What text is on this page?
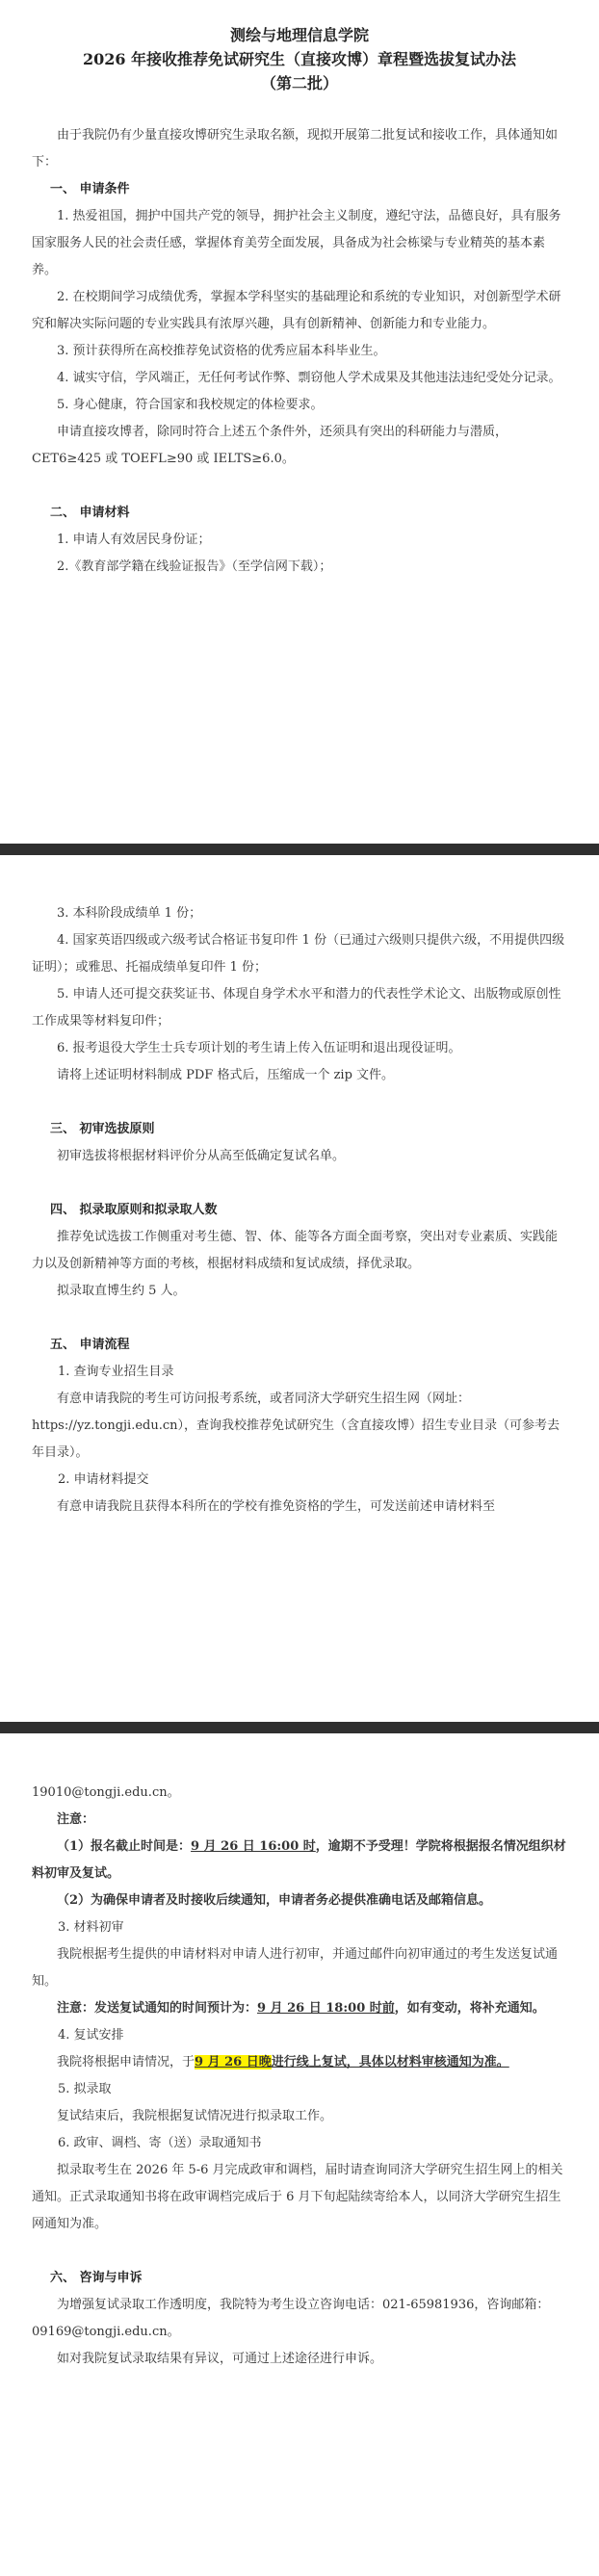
测绘与地理信息学院
2026 年接收推荐免试研究生（直接攻博）章程暨选拔复试办法
（第二批）

由于我院仍有少量直接攻博研究生录取名额，现拟开展第二批复试和接收工作，具体通知如下：

一、 申请条件

1. 热爱祖国，拥护中国共产党的领导，拥护社会主义制度，遵纪守法，品德良好，具有服务国家服务人民的社会责任感，掌握体育美劳全面发展，具备成为社会栋梁与专业精英的基本素养。

2. 在校期间学习成绩优秀，掌握本学科坚实的基础理论和系统的专业知识，对创新型学术研究和解决实际问题的专业实践具有浓厚兴趣，具有创新精神、创新能力和专业能力。

3. 预计获得所在高校推荐免试资格的优秀应届本科毕业生。

4. 诚实守信，学风端正，无任何考试作弊、剽窃他人学术成果及其他违法违纪受处分记录。

5. 身心健康，符合国家和我校规定的体检要求。

申请直接攻博者，除同时符合上述五个条件外，还须具有突出的科研能力与潜质，CET6≥425 或 TOEFL≥90 或 IELTS≥6.0。

二、 申请材料

1. 申请人有效居民身份证；

2.《教育部学籍在线验证报告》（至学信网下载）；

3. 本科阶段成绩单 1 份；

4. 国家英语四级或六级考试合格证书复印件 1 份（已通过六级则只提供六级，不用提供四级证明）；或雅思、托福成绩单复印件 1 份；

5. 申请人还可提交获奖证书、体现自身学术水平和潜力的代表性学术论文、出版物或原创性工作成果等材料复印件；

6. 报考退役大学生士兵专项计划的考生请上传入伍证明和退出现役证明。

请将上述证明材料制成 PDF 格式后，压缩成一个 zip 文件。

三、 初审选拔原则

初审选拔将根据材料评价分从高至低确定复试名单。

四、 拟录取原则和拟录取人数

推荐免试选拔工作侧重对考生德、智、体、能等各方面全面考察，突出对专业素质、实践能力以及创新精神等方面的考核，根据材料成绩和复试成绩，择优录取。

拟录取直博生约 5 人。

五、 申请流程

1. 查询专业招生目录

有意申请我院的考生可访问报考系统，或者同济大学研究生招生网（网址：https://yz.tongji.edu.cn），查询我校推荐免试研究生（含直接攻博）招生专业目录（可参考去年目录）。

2. 申请材料提交

有意申请我院且获得本科所在的学校有推免资格的学生，可发送前述申请材料至

19010@tongji.edu.cn。

注意：

（1）报名截止时间是：9 月 26 日 16:00 时，逾期不予受理！学院将根据报名情况组织材料初审及复试。

（2）为确保申请者及时接收后续通知，申请者务必提供准确电话及邮箱信息。

3. 材料初审

我院根据考生提供的申请材料对申请人进行初审，并通过邮件向初审通过的考生发送复试通知。

注意：发送复试通知的时间预计为：9 月 26 日 18:00 时前，如有变动，将补充通知。

4. 复试安排

我院将根据申请情况，于9 月 26 日晚进行线上复试，具体以材料审核通知为准。

5. 拟录取

复试结束后，我院根据复试情况进行拟录取工作。

6. 政审、调档、寄（送）录取通知书

拟录取考生在 2026 年 5-6 月完成政审和调档，届时请查询同济大学研究生招生网上的相关通知。正式录取通知书将在政审调档完成后于 6 月下旬起陆续寄给本人，以同济大学研究生招生网通知为准。

六、 咨询与申诉

为增强复试录取工作透明度，我院特为考生设立咨询电话：021-65981936，咨询邮箱：09169@tongji.edu.cn。

如对我院复试录取结果有异议，可通过上述途径进行申诉。
